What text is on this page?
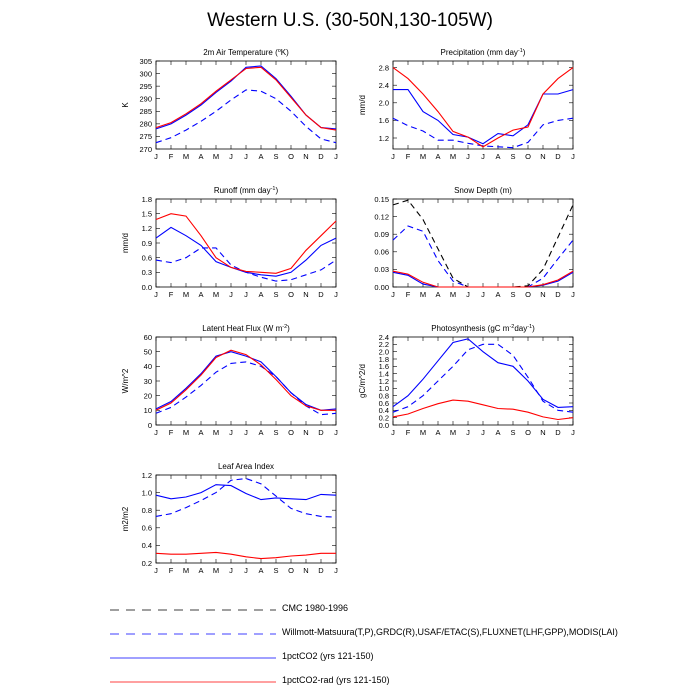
Western U.S. (30-50N,130-105W)
2m Air Temperature ($^o$K)
J F M A M J J A S O N D J
270
275
280
285
290
295
300
305
K
Precipitation (mm day$^{-1}$)
J F M A M J J A S O N D J
1.2
1.6
2.0
2.4
2.8
mm/d
Runoff (mm day$^{-1}$)
J F M A M J J A S O N D J
0.0
0.3
0.6
0.9
1.2
1.5
1.8
mm/d
Snow Depth (m)
J F M A M J J A S O N D J
0.00
0.03
0.06
0.09
0.12
0.15
Latent Heat Flux (W $m^{-2}$)
J F M A M J J A S O N D J
0
10
20
30
40
50
60
W/m^2
Photosynthesis (gC $m^{-2}day^{-1}$)
J F M A M J J A S O N D J
0.0
0.2
0.4
0.6
0.8
1.0
1.2
1.4
1.6
1.8
2.0
2.2
2.4
gC/m^2/d
Leaf Area Index
J F M A M J J A S O N D J
0.2
0.4
0.6
0.8
1.0
1.2
m2/m2
CMC 1980-1996
Willmott-Matsuura(T,P),GRDC(R),USAF/ETAC(S),FLUXNET(LHF,GPP),MODIS(LAI)
1pctCO2 (yrs 121-150)
1pctCO2-rad (yrs 121-150)
